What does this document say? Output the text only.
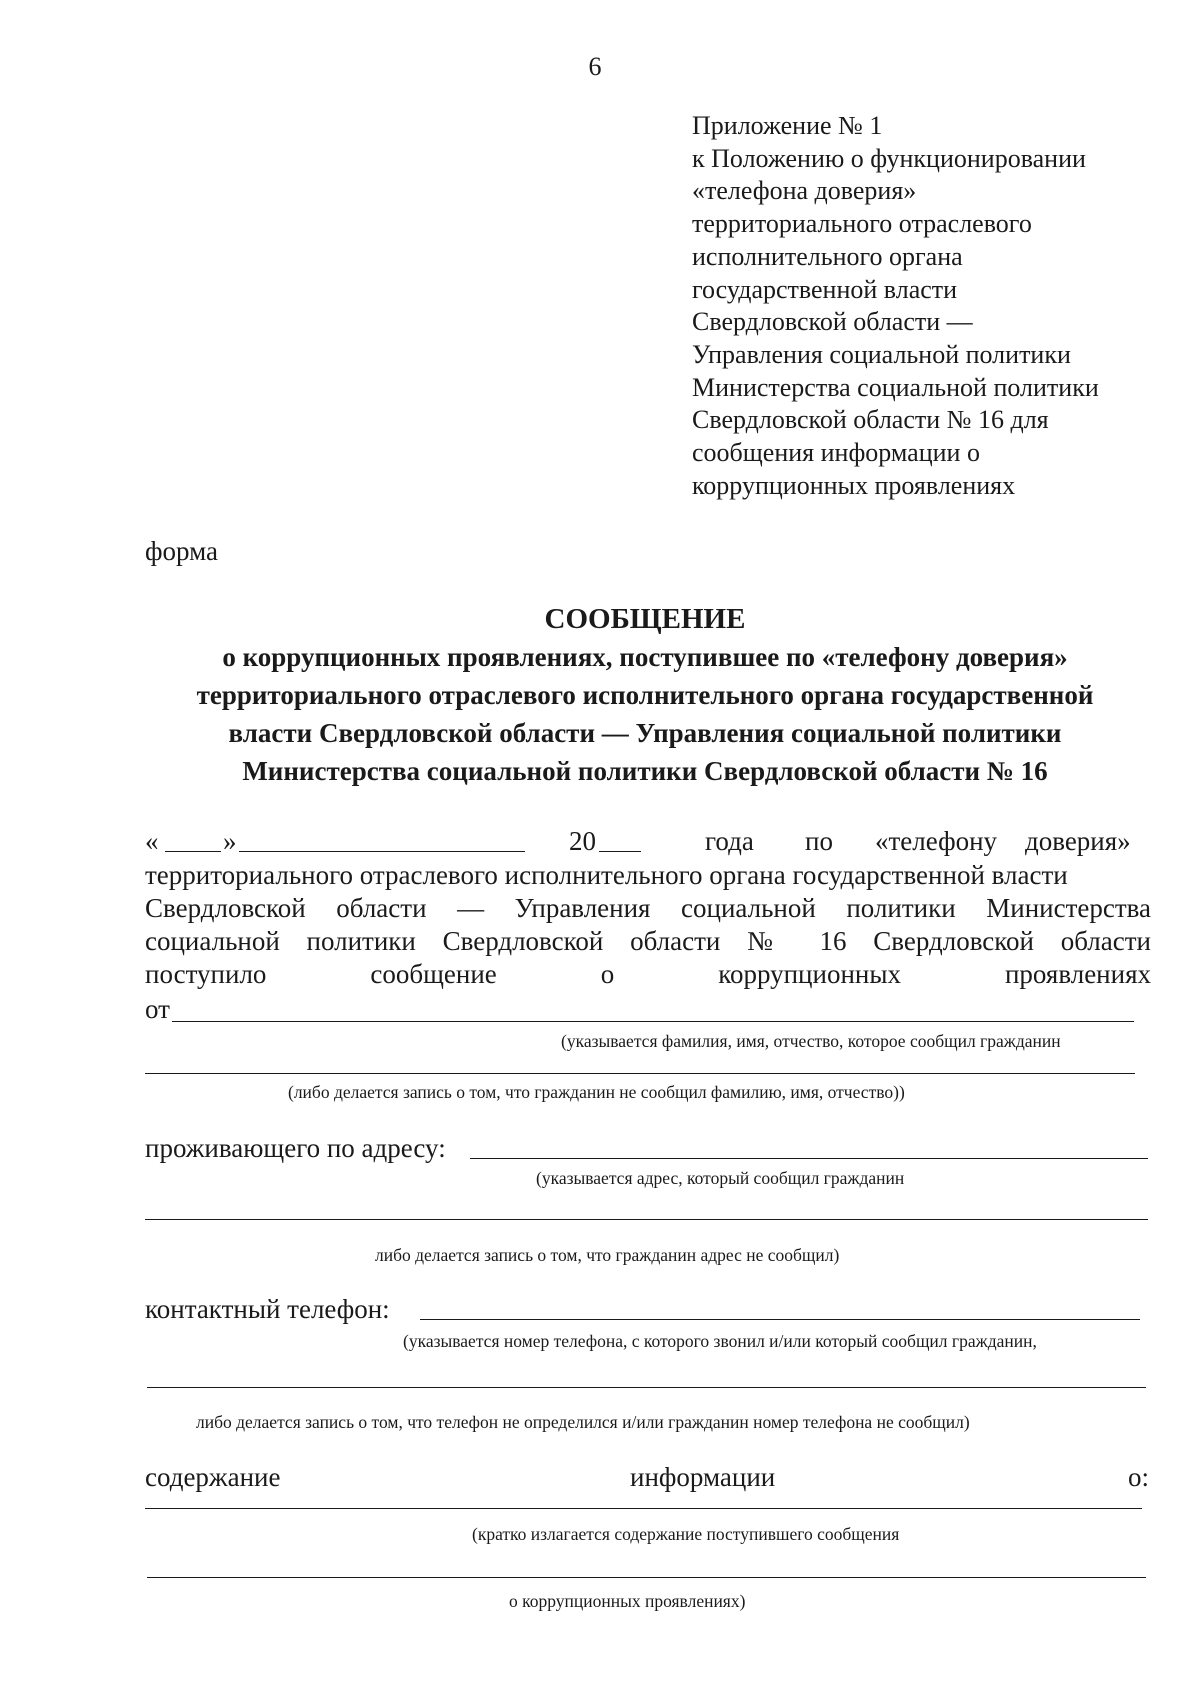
6
Приложение № 1
к Положению о функционировании
«телефона доверия»
территориального отраслевого
исполнительного органа
государственной власти
Свердловской области —
Управления социальной политики
Министерства социальной политики
Свердловской области № 16 для
сообщения информации о
коррупционных проявлениях
форма
СООБЩЕНИЕ
о коррупционных проявлениях, поступившее по «телефону доверия»
территориального отраслевого исполнительного органа государственной
власти Свердловской области — Управления социальной политики
Министерства социальной политики Свердловской области № 16
« »	20	года по «телефону доверия»
территориального отраслевого исполнительного органа государственной власти
Свердловской области — Управления социальной политики Министерства
социальной политики Свердловской области № 16 Свердловской области
поступило	сообщение	о коррупционных	проявлениях
от
(указывается фамилия, имя, отчество, которое сообщил гражданин
(либо делается запись о том, что гражданин не сообщил фамилию, имя, отчество))
проживающего по адресу:
(указывается адрес, который сообщил гражданин
либо делается запись о том, что гражданин адрес не сообщил)
контактный телефон:
(указывается номер телефона, с которого звонил и/или который сообщил гражданин,
либо делается запись о том, что телефон не определился и/или гражданин номер телефона не сообщил)
содержание	информации	о:
(кратко излагается содержание поступившего сообщения
о коррупционных проявлениях)
